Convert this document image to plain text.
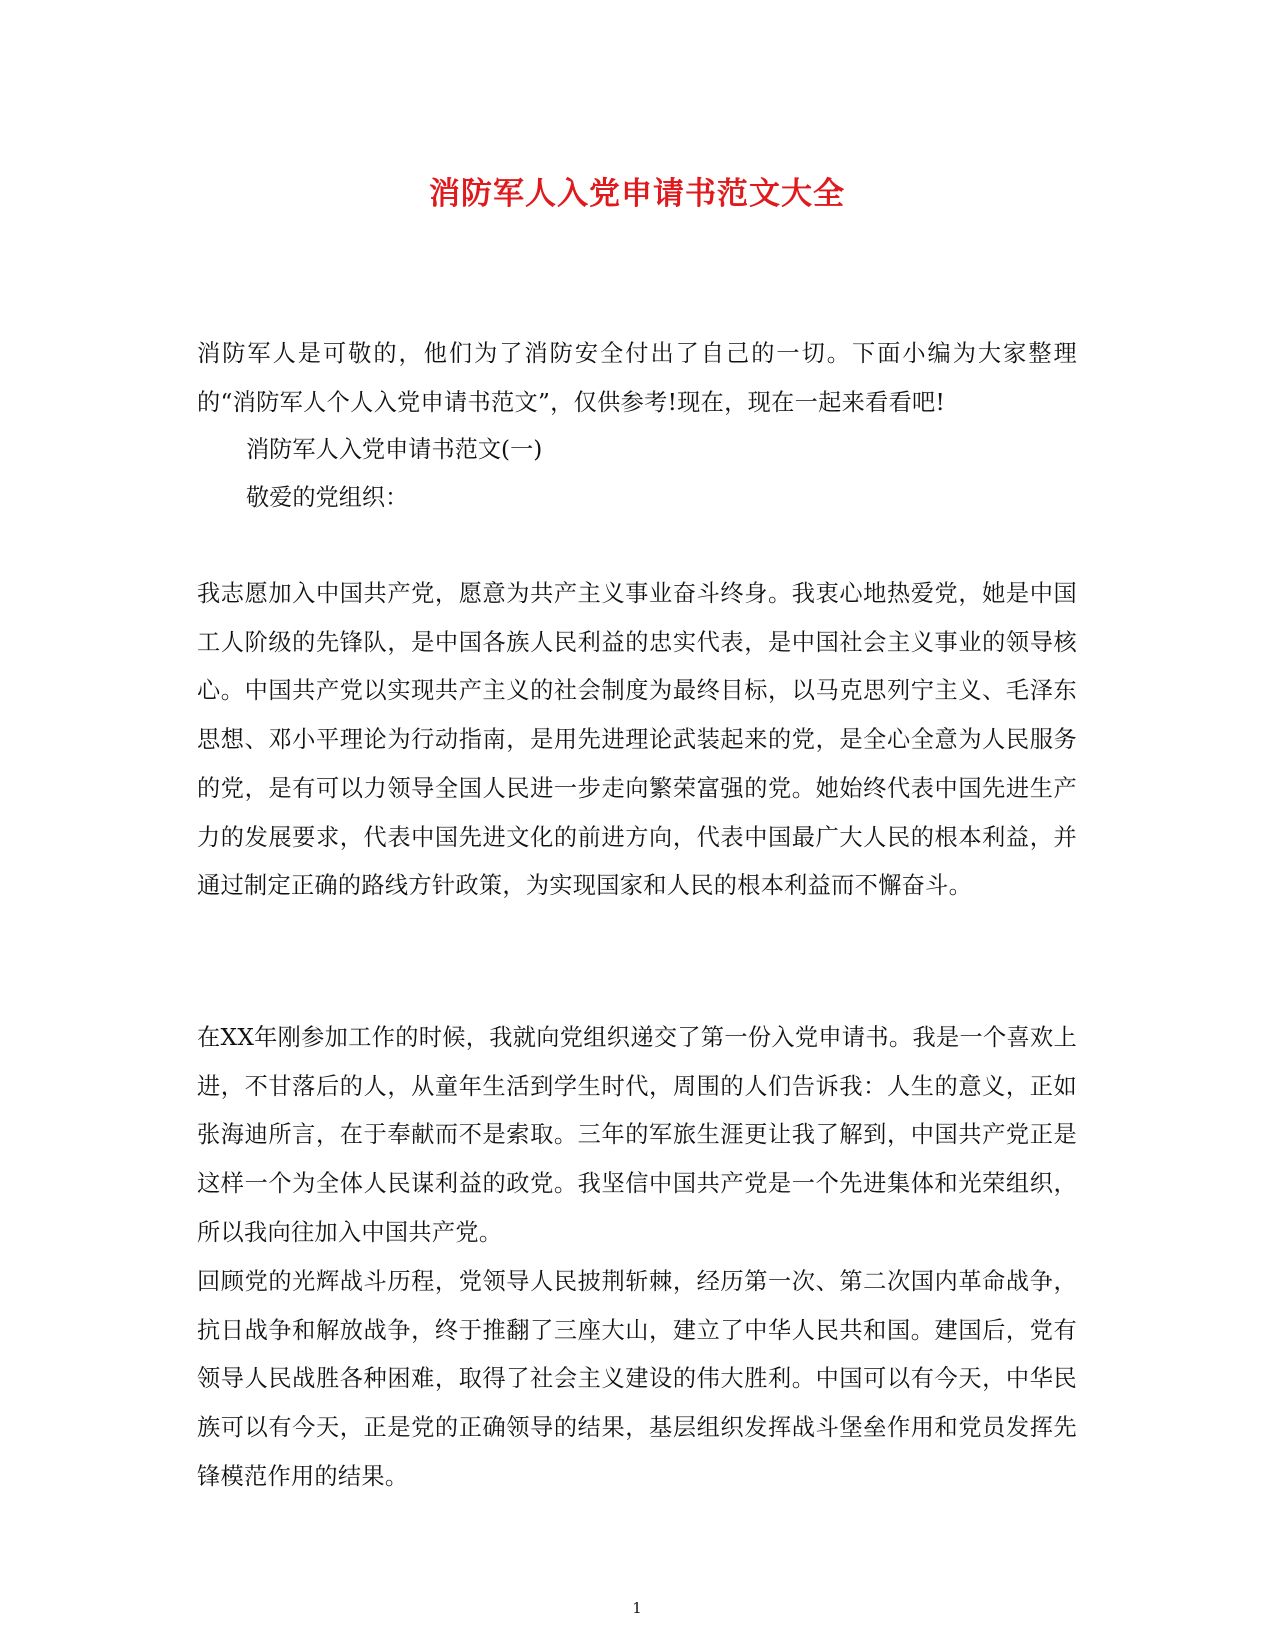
消防军人入党申请书范文大全

消防军人是可敬的，他们为了消防安全付出了自己的一切。下面小编为大家整理的“消防军人个人入党申请书范文”，仅供参考!现在，现在一起来看看吧!

消防军人入党申请书范文(一)

敬爱的党组织：

我志愿加入中国共产党，愿意为共产主义事业奋斗终身。我衷心地热爱党，她是中国工人阶级的先锋队，是中国各族人民利益的忠实代表，是中国社会主义事业的领导核心。中国共产党以实现共产主义的社会制度为最终目标，以马克思列宁主义、毛泽东思想、邓小平理论为行动指南，是用先进理论武装起来的党，是全心全意为人民服务的党，是有可以力领导全国人民进一步走向繁荣富强的党。她始终代表中国先进生产力的发展要求，代表中国先进文化的前进方向，代表中国最广大人民的根本利益，并通过制定正确的路线方针政策，为实现国家和人民的根本利益而不懈奋斗。

在XX年刚参加工作的时候，我就向党组织递交了第一份入党申请书。我是一个喜欢上进，不甘落后的人，从童年生活到学生时代，周围的人们告诉我：人生的意义，正如张海迪所言，在于奉献而不是索取。三年的军旅生涯更让我了解到，中国共产党正是这样一个为全体人民谋利益的政党。我坚信中国共产党是一个先进集体和光荣组织，所以我向往加入中国共产党。

回顾党的光辉战斗历程，党领导人民披荆斩棘，经历第一次、第二次国内革命战争，抗日战争和解放战争，终于推翻了三座大山，建立了中华人民共和国。建国后，党有领导人民战胜各种困难，取得了社会主义建设的伟大胜利。中国可以有今天，中华民族可以有今天，正是党的正确领导的结果，基层组织发挥战斗堡垒作用和党员发挥先锋模范作用的结果。

1
